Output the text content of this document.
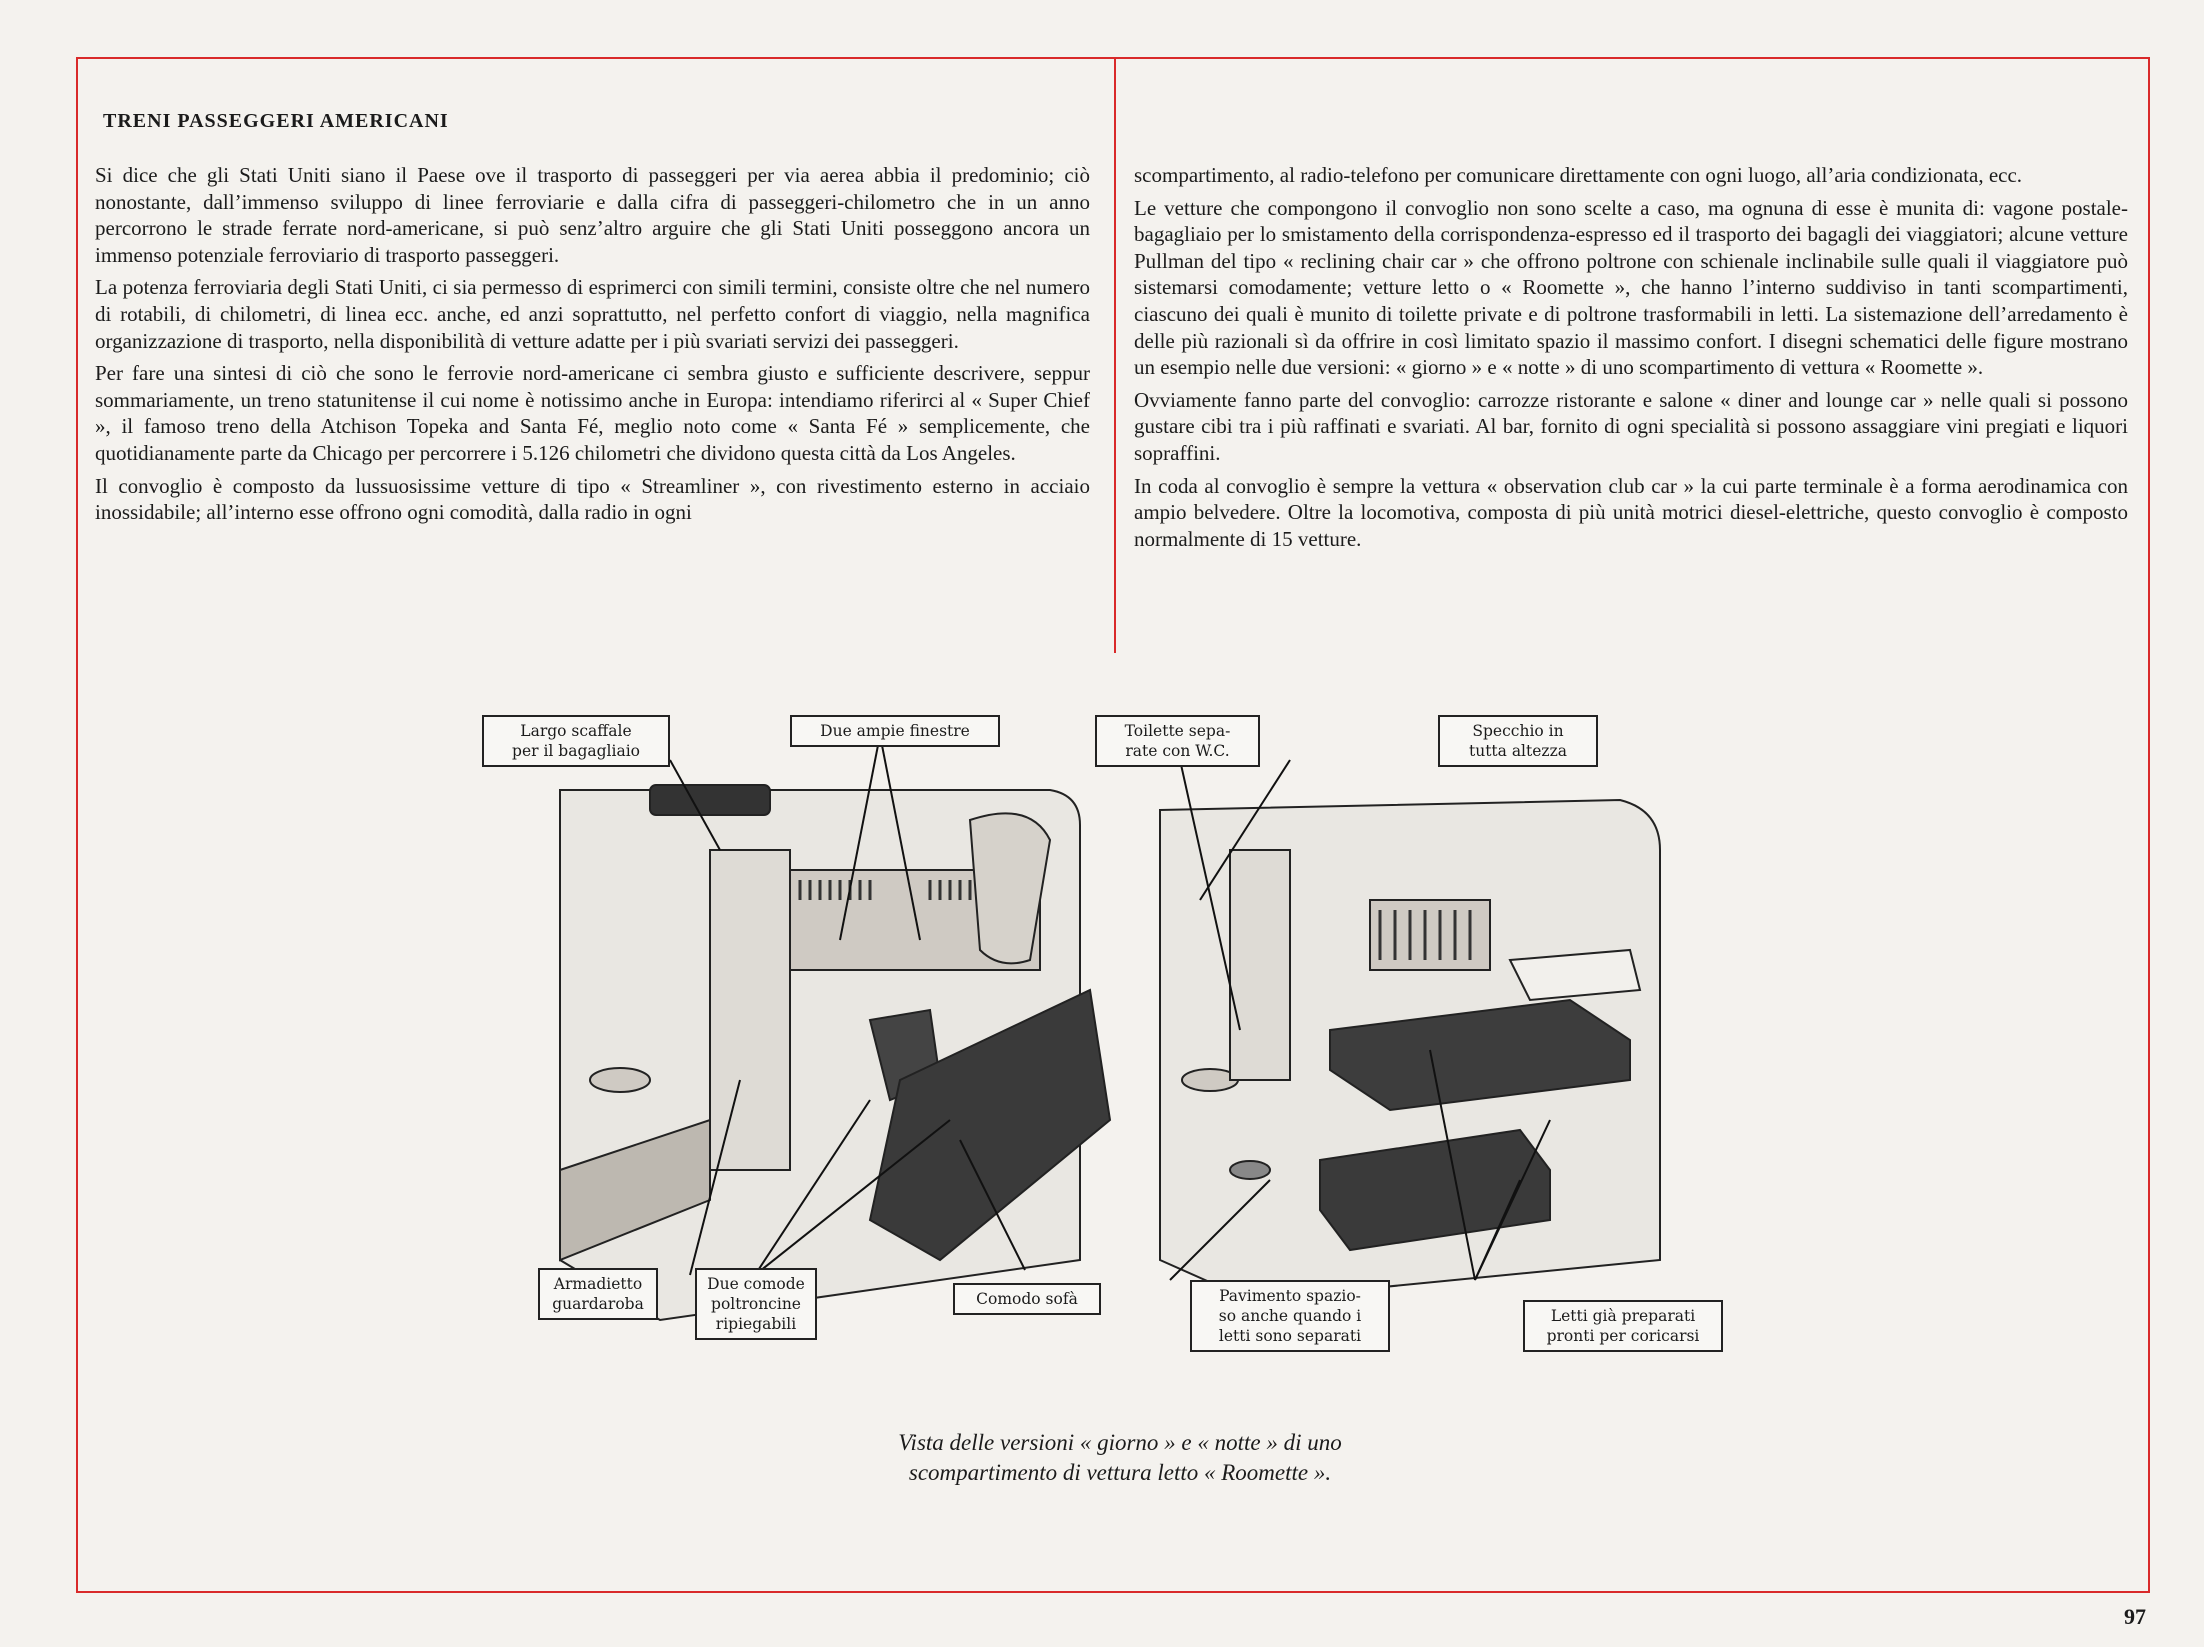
TRENI PASSEGGERI AMERICANI

Si dice che gli Stati Uniti siano il Paese ove il trasporto di passeggeri per via aerea abbia il predominio; ciò nonostante, dall’immenso sviluppo di linee ferroviarie e dalla cifra di passeggeri-chilometro che in un anno percorrono le strade ferrate nord-americane, si può senz’altro arguire che gli Stati Uniti posseggono ancora un immenso potenziale ferroviario di trasporto passeggeri.

La potenza ferroviaria degli Stati Uniti, ci sia permesso di esprimerci con simili termini, consiste oltre che nel numero di rotabili, di chilometri, di linea ecc. anche, ed anzi soprattutto, nel perfetto confort di viaggio, nella magnifica organizzazione di trasporto, nella disponibilità di vetture adatte per i più svariati servizi dei passeggeri.

Per fare una sintesi di ciò che sono le ferrovie nord-americane ci sembra giusto e sufficiente descrivere, seppur sommariamente, un treno statunitense il cui nome è notissimo anche in Europa: intendiamo riferirci al « Super Chief », il famoso treno della Atchison Topeka and Santa Fé, meglio noto come « Santa Fé » semplicemente, che quotidianamente parte da Chicago per percorrere i 5.126 chilometri che dividono questa città da Los Angeles.

Il convoglio è composto da lussuosissime vetture di tipo « Streamliner », con rivestimento esterno in acciaio inossidabile; all’interno esse offrono ogni comodità, dalla radio in ogni

scompartimento, al radio-telefono per comunicare direttamente con ogni luogo, all’aria condizionata, ecc.

Le vetture che compongono il convoglio non sono scelte a caso, ma ognuna di esse è munita di: vagone postale-bagagliaio per lo smistamento della corrispondenza-espresso ed il trasporto dei bagagli dei viaggiatori; alcune vetture Pullman del tipo « reclining chair car » che offrono poltrone con schienale inclinabile sulle quali il viaggiatore può sistemarsi comodamente; vetture letto o « Roomette », che hanno l’interno suddiviso in tanti scompartimenti, ciascuno dei quali è munito di toilette private e di poltrone trasformabili in letti. La sistemazione dell’arredamento è delle più razionali sì da offrire in così limitato spazio il massimo confort. I disegni schematici delle figure mostrano un esempio nelle due versioni: « giorno » e « notte » di uno scompartimento di vettura « Roomette ».

Ovviamente fanno parte del convoglio: carrozze ristorante e salone « diner and lounge car » nelle quali si possono gustare cibi tra i più raffinati e svariati. Al bar, fornito di ogni specialità si possono assaggiare vini pregiati e liquori sopraffini.

In coda al convoglio è sempre la vettura « observation club car » la cui parte terminale è a forma aerodinamica con ampio belvedere. Oltre la locomotiva, composta di più unità motrici diesel-elettriche, questo convoglio è composto normalmente di 15 vetture.

Largo scaffale
per il bagagliaio
Due ampie finestre	Toilette sepa-
rate con W.C.
Specchio in
tutta altezza
Armadietto
guardaroba
Due comode
poltroncine
ripiegabili
Comodo sofà	Pavimento spazio-
so anche quando i
letti sono separati
Letti già preparati
pronti per coricarsi
Vista delle versioni « giorno » e « notte » di uno
scompartimento di vettura letto « Roomette ».
97
